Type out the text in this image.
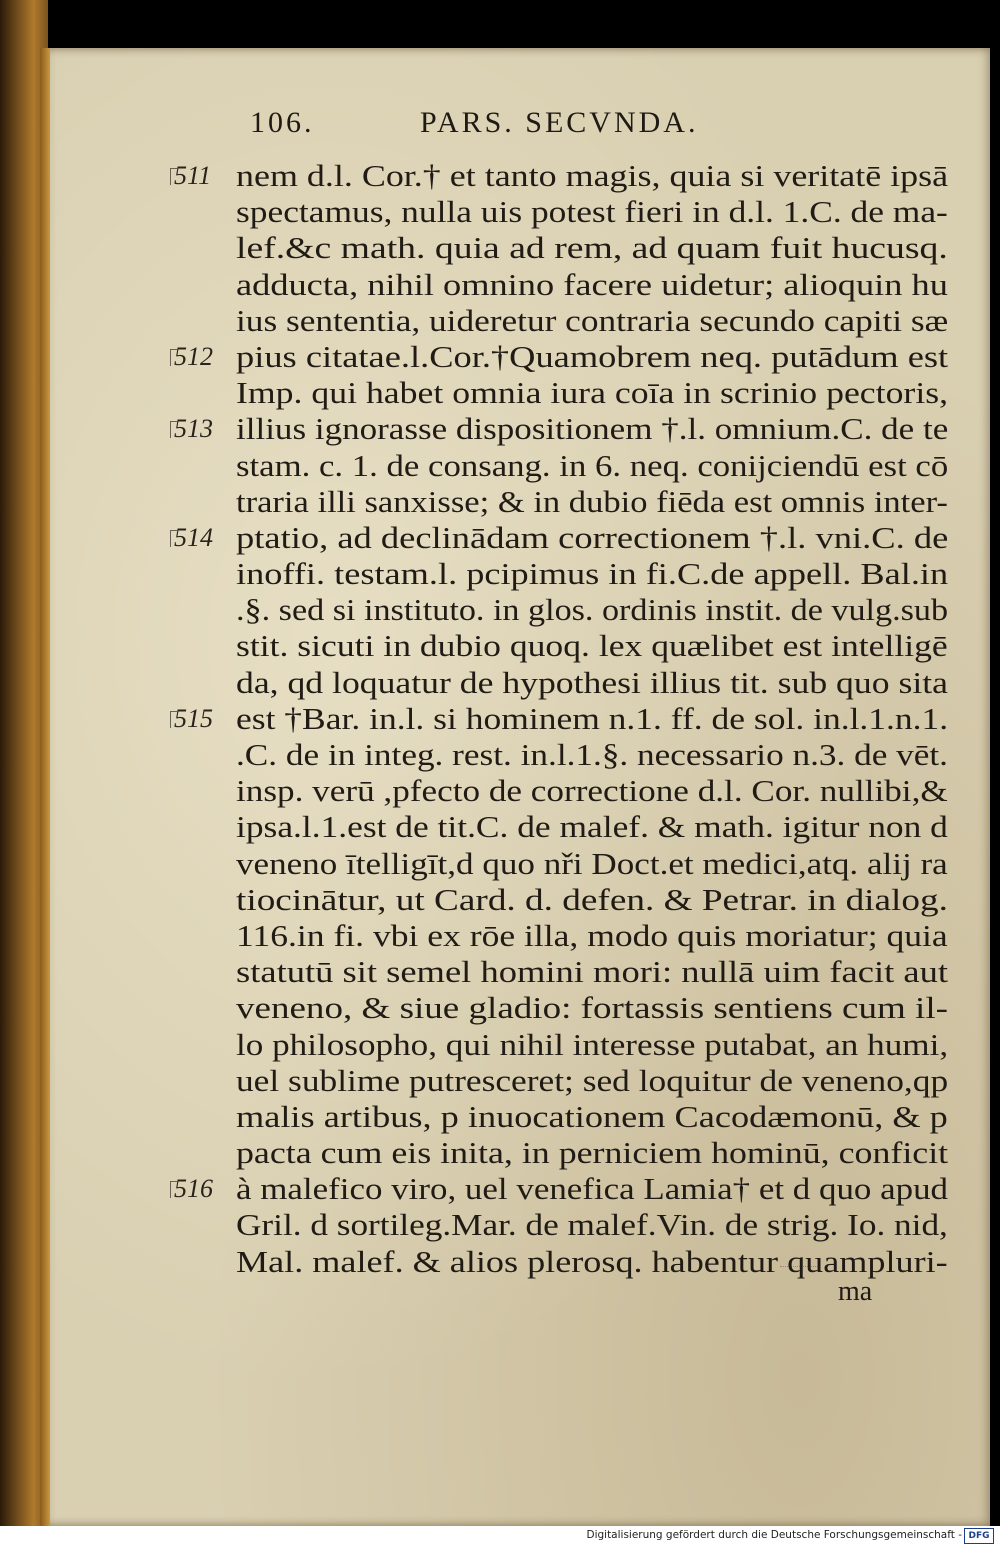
106.	PARS. SECVNDA.
511 nem d.l. Cor.† et tanto magis, quia si veritatē ipsā
spectamus, nulla uis potest fieri in d.l. 1.C. de ma-
lef.&c math. quia ad rem, ad quam fuit hucusq.
adducta, nihil omnino facere uidetur; alioquin hu
ius sententia, uideretur contraria secundo capiti sæ
512 pius citatae.l.Cor.†Quamobrem neq. putādum est
Imp. qui habet omnia iura coīa in scrinio pectoris,
513 illius ignorasse dispositionem †.l. omnium.C. de te
stam. c. 1. de consang. in 6. neq. conijciendū est cō
traria illi sanxisse; & in dubio fiēda est omnis inter-
514 ptatio, ad declinādam correctionem †.l. vni.C. de
inoffi. testam.l. pcipimus in fi.C.de appell. Bal.in
.§. sed si instituto. in glos. ordinis instit. de vulg.sub
stit. sicuti in dubio quoq. lex quælibet est intelligē
da, qd loquatur de hypothesi illius tit. sub quo sita
515 est †Bar. in.l. si hominem n.1. ff. de sol. in.l.1.n.1.
.C. de in integ. rest. in.l.1.§. necessario n.3. de vēt.
insp. verū ,pfecto de correctione d.l. Cor. nullibi,&
ipsa.l.1.est de tit.C. de malef. & math. igitur non d
veneno ītelligīt,d quo nři Doct.et medici,atq. alij ra
tiocinātur, ut Card. d. defen. & Petrar. in dialog.
116.in fi. vbi ex rōe illa, modo quis moriatur; quia
statutū sit semel homini mori: nullā uim facit aut
veneno, & siue gladio: fortassis sentiens cum il-
lo philosopho, qui nihil interesse putabat, an humi,
uel sublime putresceret; sed loquitur de veneno,qp
malis artibus, p inuocationem Cacodæmonū, & p
pacta cum eis inita, in perniciem hominū, conficit
516 à malefico viro, uel venefica Lamia† et d quo apud
Gril. d sortileg.Mar. de malef.Vin. de strig. Io. nid,
Mal. malef. & alios plerosq. habentur quampluri-
ma
Digitalisierung gefördert durch die Deutsche Forschungsgemeinschaft - DFG
